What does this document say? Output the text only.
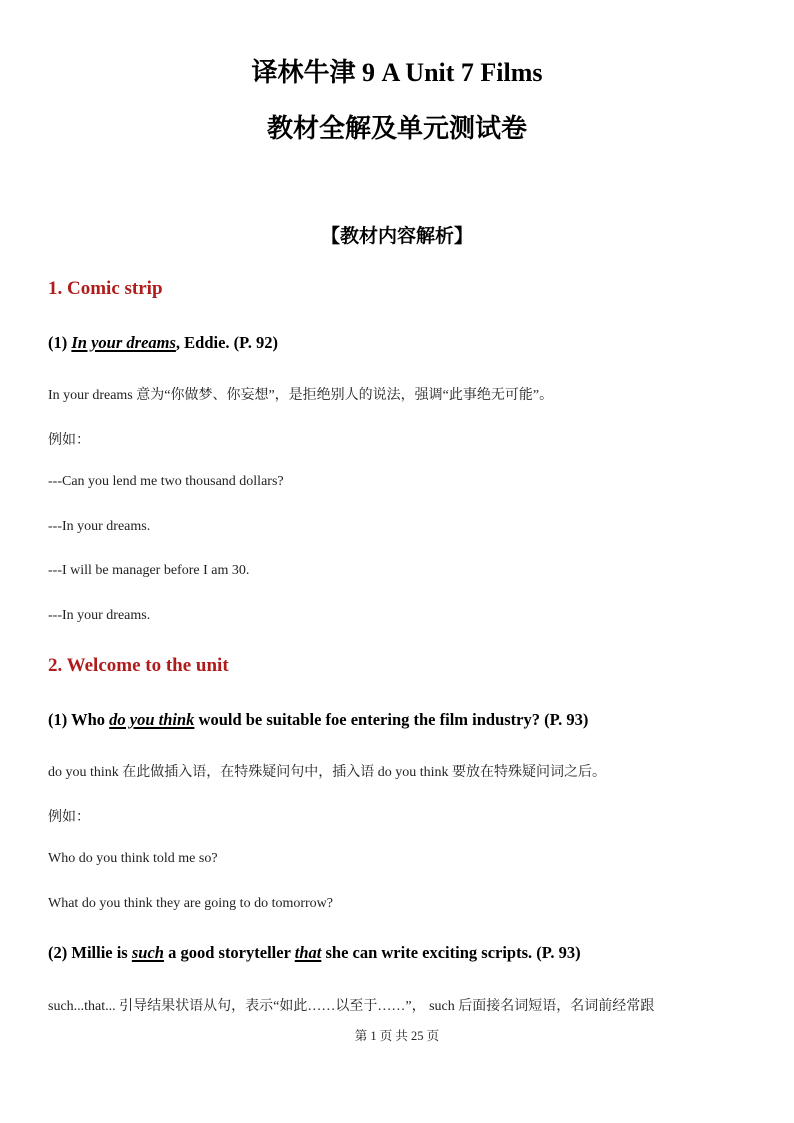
译林牛津 9 A Unit 7 Films
教材全解及单元测试卷
【教材内容解析】
1. Comic strip
(1) In your dreams, Eddie. (P. 92)
In your dreams 意为“你做梦、你妄想”，是拒绝别人的说法，强调“此事绝无可能”。
例如：
---Can you lend me two thousand dollars?
---In your dreams.
---I will be manager before I am 30.
---In your dreams.
2. Welcome to the unit
(1) Who do you think would be suitable foe entering the film industry? (P. 93)
do you think 在此做插入语，在特殊疑问句中，插入语 do you think 要放在特殊疑问词之后。
例如：
Who do you think told me so?
What do you think they are going to do tomorrow?
(2) Millie is such a good storyteller that she can write exciting scripts. (P. 93)
such...that... 引导结果状语从句，表示“如此……以至于……”， such 后面接名词短语，名词前经常跟
第 1 页 共 25 页
